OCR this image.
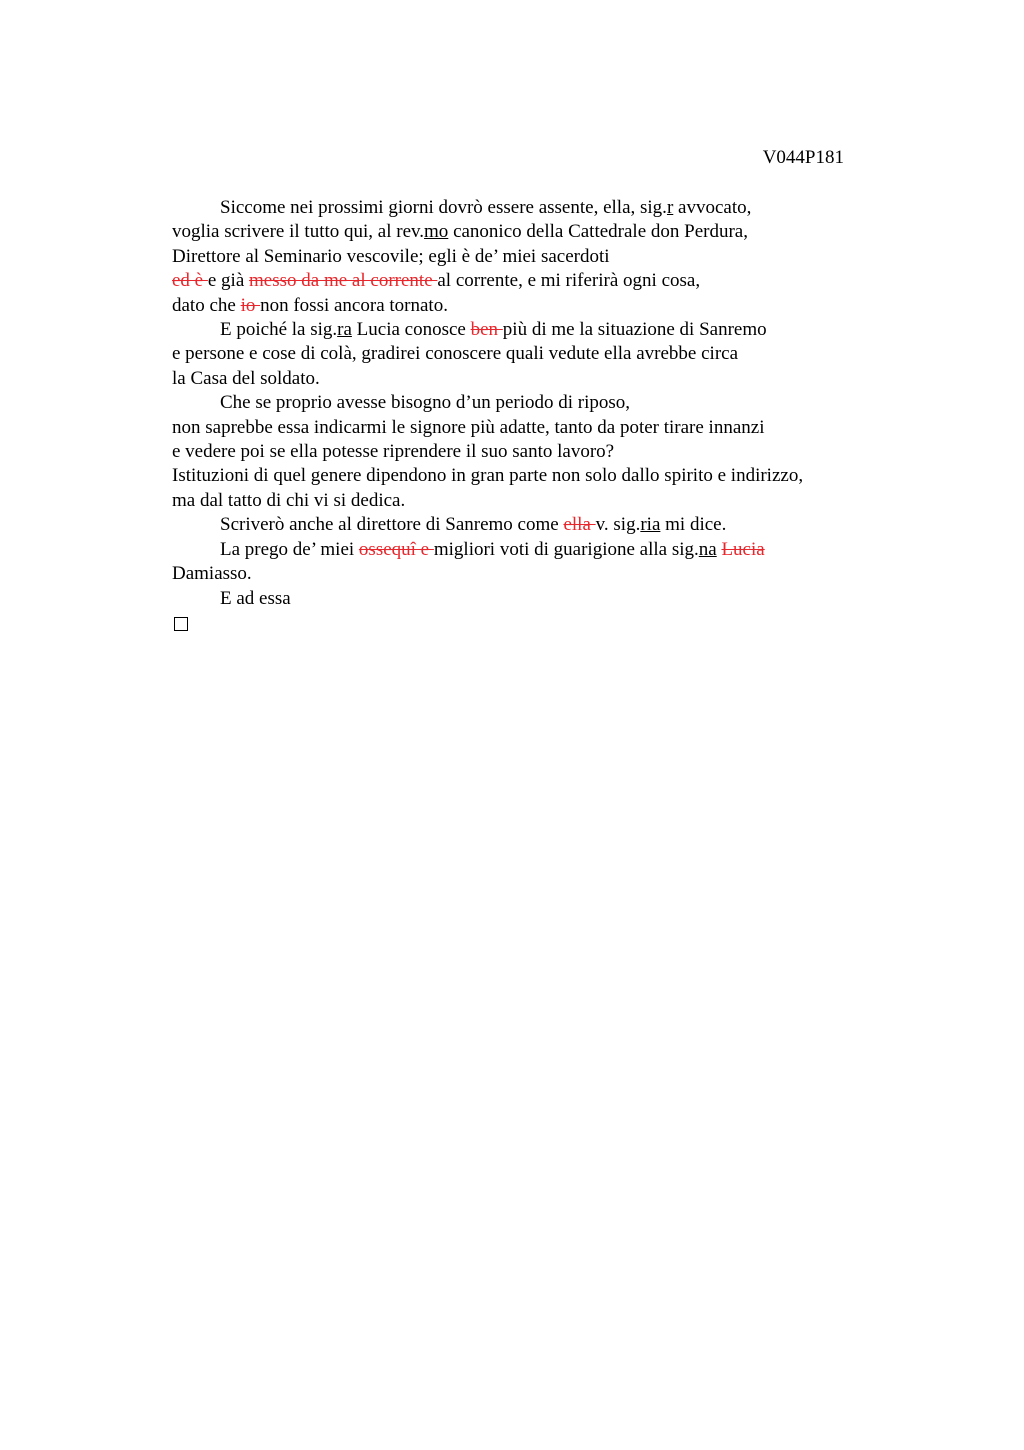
V044P181
Siccome nei prossimi giorni dovrò essere assente, ella, sig.r avvocato,
voglia scrivere il tutto qui, al rev.mo canonico della Cattedrale don Perdura,
Direttore al Seminario vescovile; egli è de’ miei sacerdoti
ed è e già messo da me al corrente al corrente, e mi riferirà ogni cosa,
dato che io non fossi ancora tornato.
E poiché la sig.ra Lucia conosce ben più di me la situazione di Sanremo
e persone e cose di colà, gradirei conoscere quali vedute ella avrebbe circa
la Casa del soldato.
Che se proprio avesse bisogno d’un periodo di riposo,
non saprebbe essa indicarmi le signore più adatte, tanto da poter tirare innanzi
e vedere poi se ella potesse riprendere il suo santo lavoro?
Istituzioni di quel genere dipendono in gran parte non solo dallo spirito e indirizzo,
ma dal tatto di chi vi si dedica.
Scriverò anche al direttore di Sanremo come ella v. sig.ria mi dice.
La prego de’ miei ossequî e migliori voti di guarigione alla sig.na Lucia
Damiasso.
E ad essa
